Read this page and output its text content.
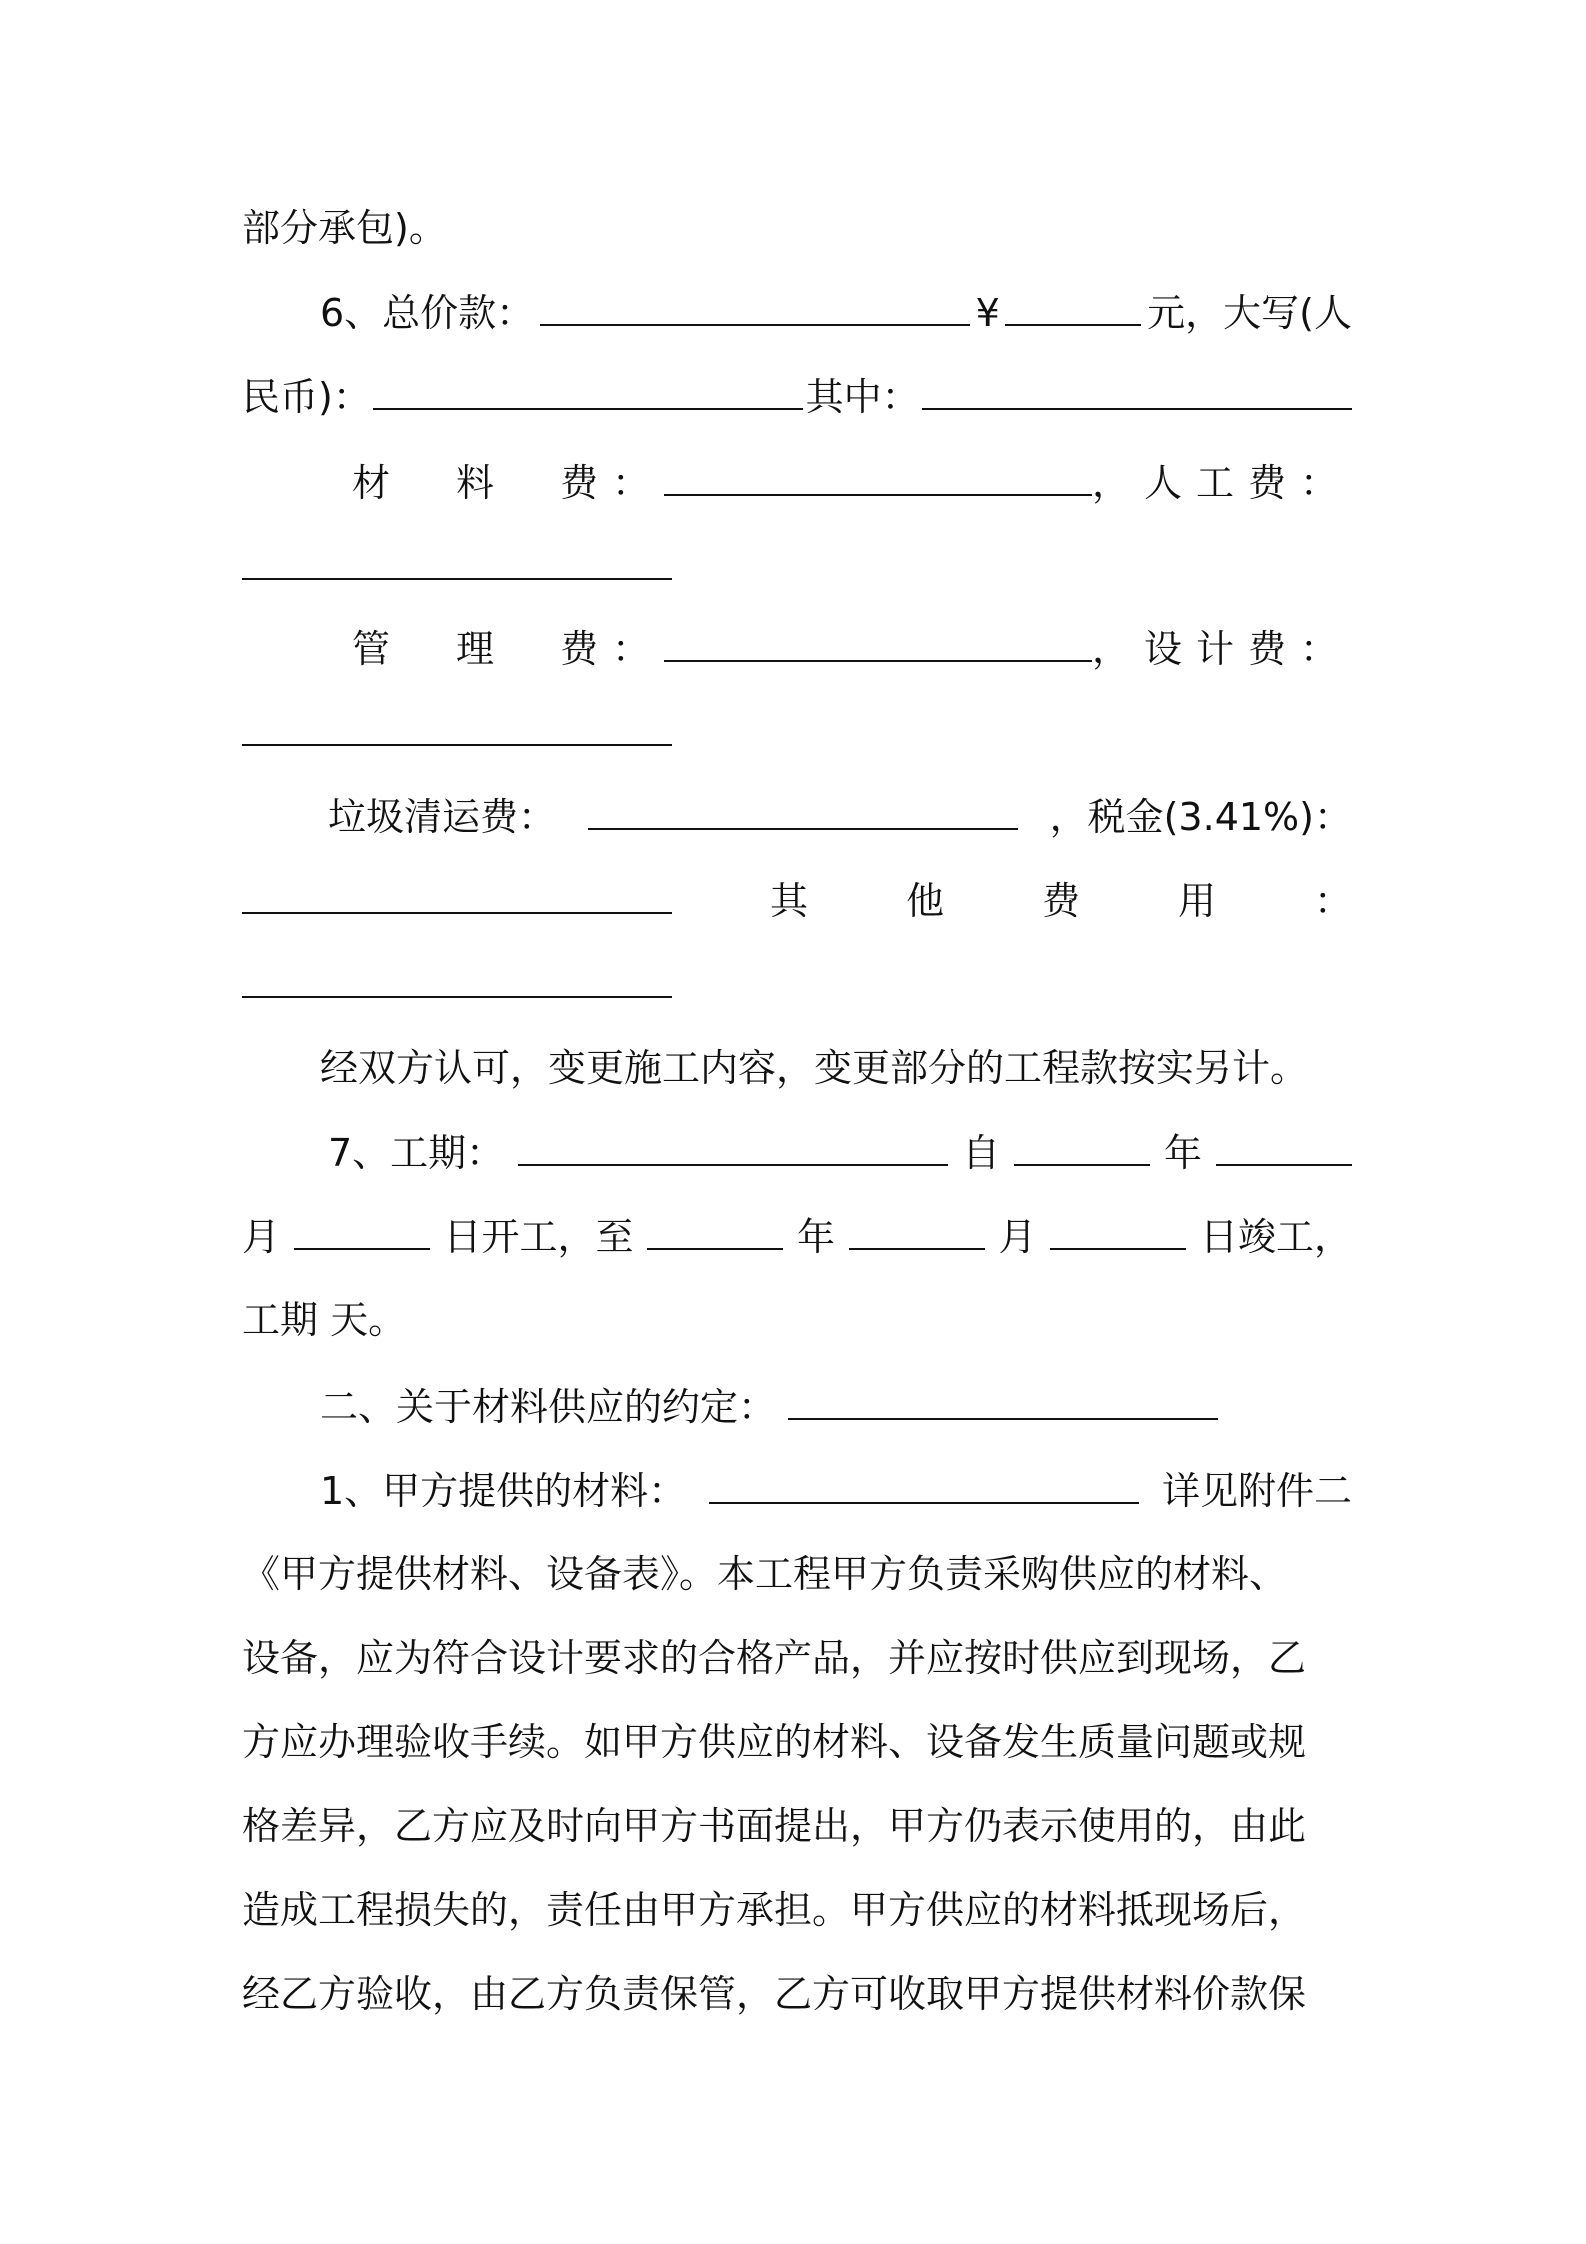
部分承包)。
6、总价款：	¥	元，大写(人
民币)：	其中：
材　料　费：	，人工费：
管　理　费：	，设计费：
垃圾清运费：	，税金(3.41%)：
其	他	费	用	：
经双方认可，变更施工内容，变更部分的工程款按实另计。
7、工期：	自	年
月	日开工，至	年	月	日竣工，
工期 天。
二、关于材料供应的约定：
1、甲方提供的材料：	详见附件二
《甲方提供材料、设备表》。本工程甲方负责采购供应的材料、
设备，应为符合设计要求的合格产品，并应按时供应到现场，乙
方应办理验收手续。如甲方供应的材料、设备发生质量问题或规
格差异，乙方应及时向甲方书面提出，甲方仍表示使用的，由此
造成工程损失的，责任由甲方承担。甲方供应的材料抵现场后，
经乙方验收，由乙方负责保管，乙方可收取甲方提供材料价款保
